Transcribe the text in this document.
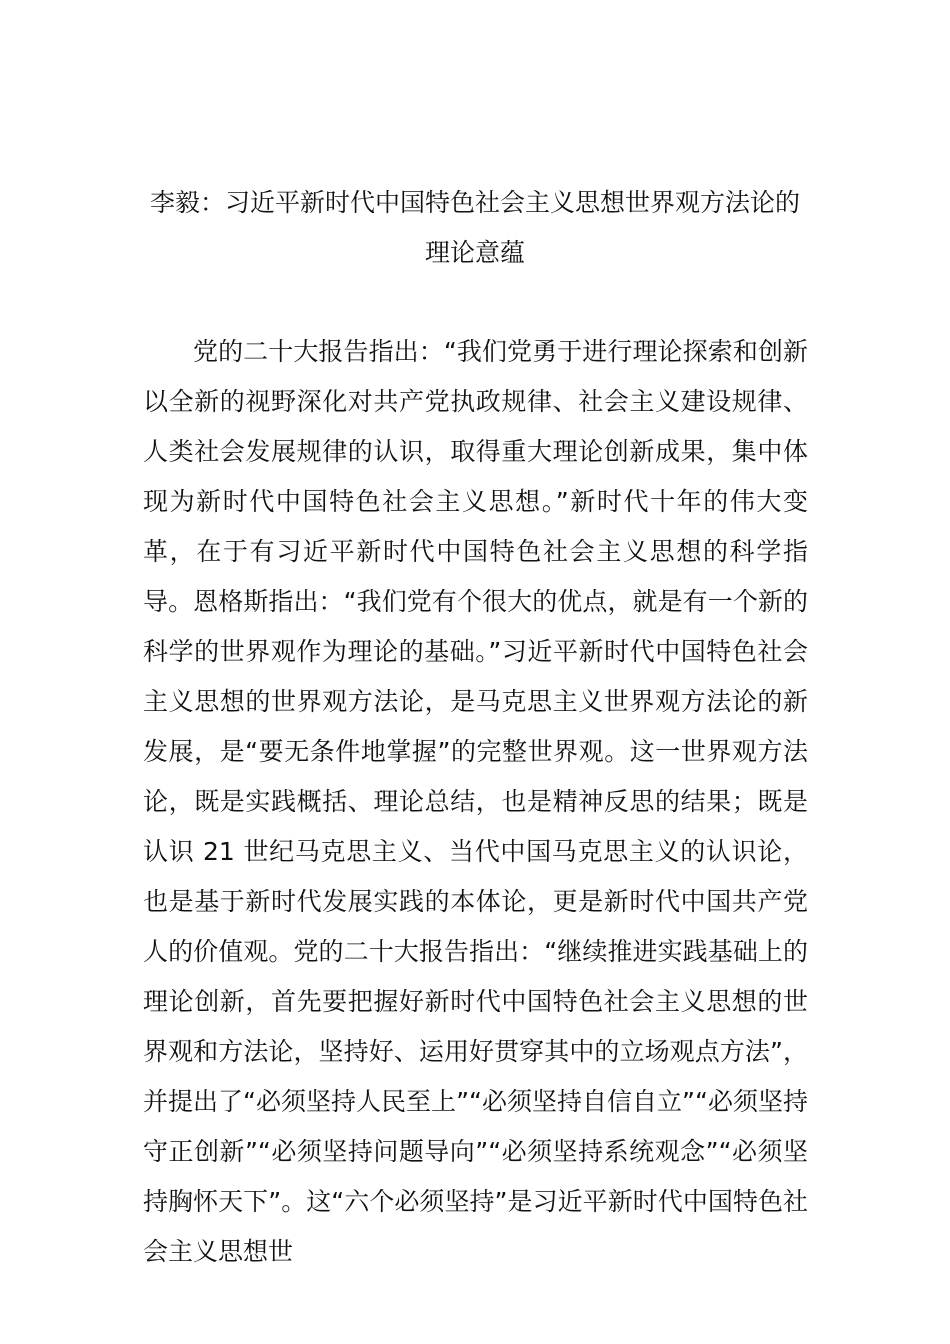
李毅：习近平新时代中国特色社会主义思想世界观方法论的理论意蕴

党的二十大报告指出：“我们党勇于进行理论探索和创新以全新的视野深化对共产党执政规律、社会主义建设规律、人类社会发展规律的认识，取得重大理论创新成果，集中体现为新时代中国特色社会主义思想。”新时代十年的伟大变革，在于有习近平新时代中国特色社会主义思想的科学指导。恩格斯指出：“我们党有个很大的优点，就是有一个新的科学的世界观作为理论的基础。”习近平新时代中国特色社会主义思想的世界观方法论，是马克思主义世界观方法论的新发展，是“要无条件地掌握”的完整世界观。这一世界观方法论，既是实践概括、理论总结，也是精神反思的结果；既是认识 21 世纪马克思主义、当代中国马克思主义的认识论，也是基于新时代发展实践的本体论，更是新时代中国共产党人的价值观。党的二十大报告指出：“继续推进实践基础上的理论创新，首先要把握好新时代中国特色社会主义思想的世界观和方法论，坚持好、运用好贯穿其中的立场观点方法”，并提出了“必须坚持人民至上”“必须坚持自信自立”“必须坚持守正创新”“必须坚持问题导向”“必须坚持系统观念”“必须坚持胸怀天下”。这“六个必须坚持”是习近平新时代中国特色社会主义思想世
